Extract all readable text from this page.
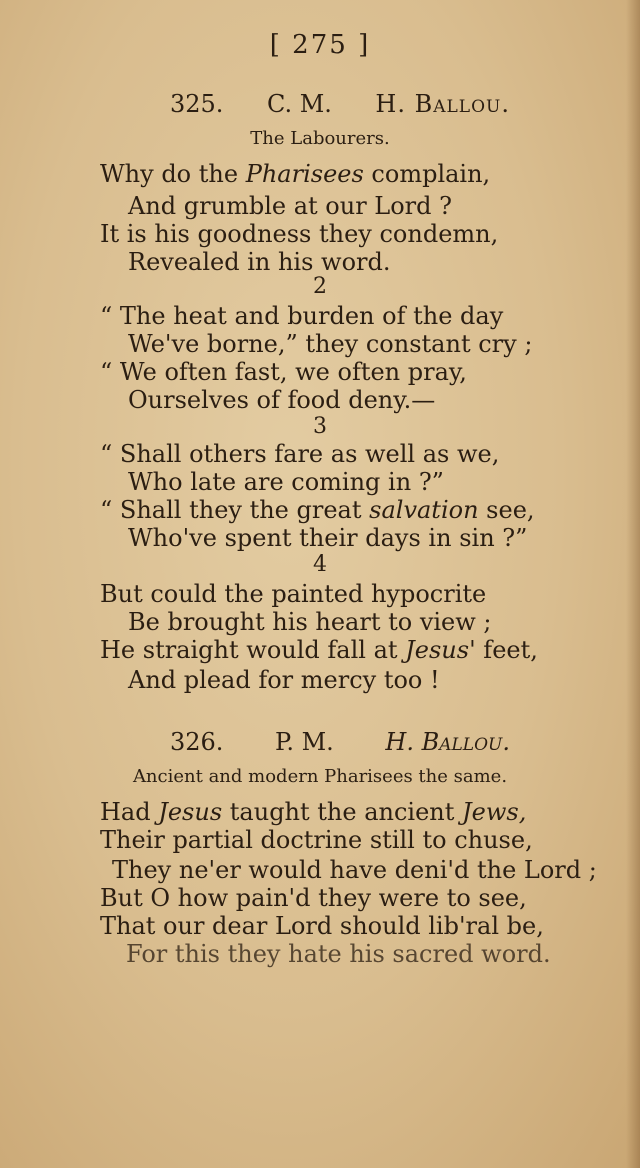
[ 275 ]
325. C. M. H. Ballou.
The Labourers.
Why do the Pharisees complain,
And grumble at our Lord ?
It is his goodness they condemn,
Revealed in his word.
2
“ The heat and burden of the day
We've borne,” they constant cry ;
“ We often fast, we often pray,
Ourselves of food deny.—
3
“ Shall others fare as well as we,
Who late are coming in ?”
“ Shall they the great salvation see,
Who've spent their days in sin ?”
4
But could the painted hypocrite
Be brought his heart to view ;
He straight would fall at Jesus' feet,
And plead for mercy too !
326. P. M. H. Ballou.
Ancient and modern Pharisees the same.
Had Jesus taught the ancient Jews,
Their partial doctrine still to chuse,
They ne'er would have deni'd the Lord ;
But O how pain'd they were to see,
That our dear Lord should lib'ral be,
For this they hate his sacred word.
